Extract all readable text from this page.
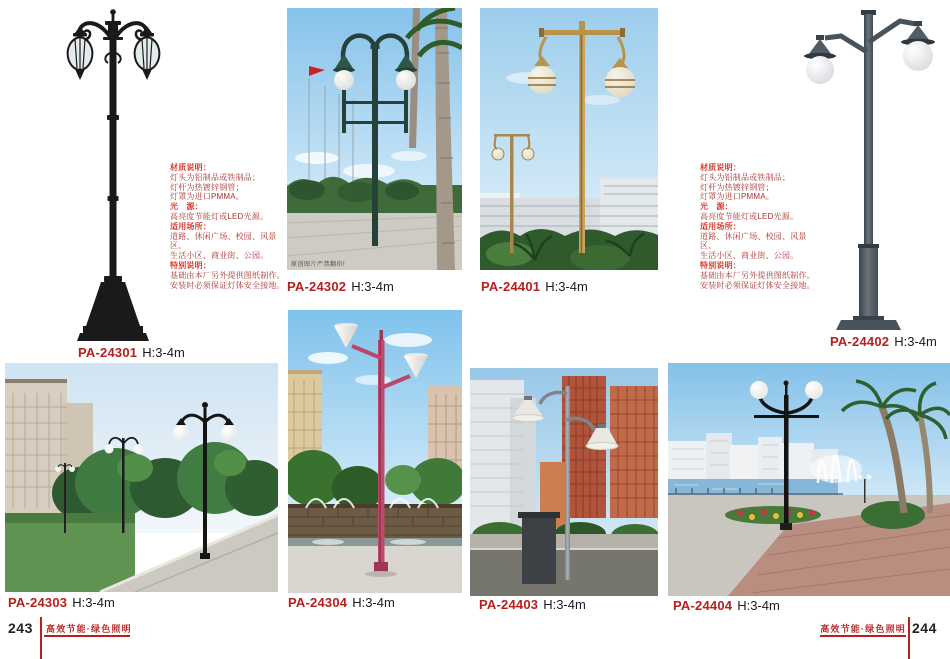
PA-24301 H:3-4m
材质说明：
灯头为铝制品或铁制品；
灯杆为热镀锌钢管；
灯罩为进口PMMA。
光　源：
高亮度节能灯或LED光源。
适用场所：
道路、休闲广场、校园、风景区、
生活小区、商业街、公园。
特别说明：
基础由本厂另外提供图纸制作。
安装时必须保证灯体安全接地。
原创图片严禁翻印!
PA-24302 H:3-4m	PA-24401 H:3-4m
PA-24402 H:3-4m
材质说明：
灯头为铝制品或铁制品；
灯杆为热镀锌钢管；
灯罩为进口PMMA。
光　源：
高亮度节能灯或LED光源。
适用场所：
道路、休闲广场、校园、风景区、
生活小区、商业街、公园。
特别说明：
基础由本厂另外提供图纸制作。
安装时必须保证灯体安全接地。
PA-24303 H:3-4m	PA-24304 H:3-4m	PA-24403 H:3-4m	PA-24404 H:3-4m
243 高效节能·绿色照明	高效节能·绿色照明 244
